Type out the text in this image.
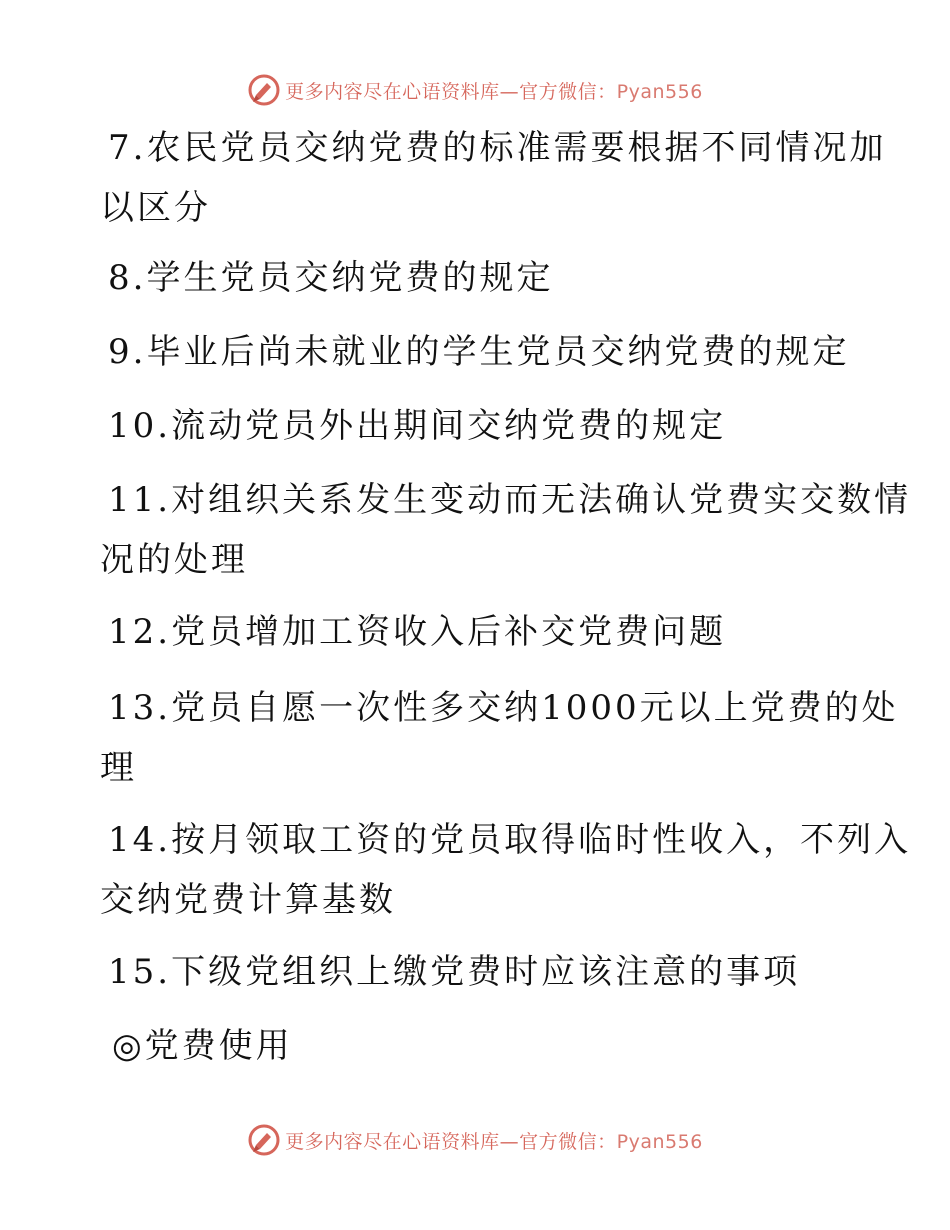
更多内容尽在心语资料库—官方微信：Pyan556
7.农民党员交纳党费的标准需要根据不同情况加
以区分
8.学生党员交纳党费的规定
9.毕业后尚未就业的学生党员交纳党费的规定
10.流动党员外出期间交纳党费的规定
11.对组织关系发生变动而无法确认党费实交数情
况的处理
12.党员增加工资收入后补交党费问题
13.党员自愿一次性多交纳1000元以上党费的处
理
14.按月领取工资的党员取得临时性收入，不列入
交纳党费计算基数
15.下级党组织上缴党费时应该注意的事项
◎党费使用
更多内容尽在心语资料库—官方微信：Pyan556
